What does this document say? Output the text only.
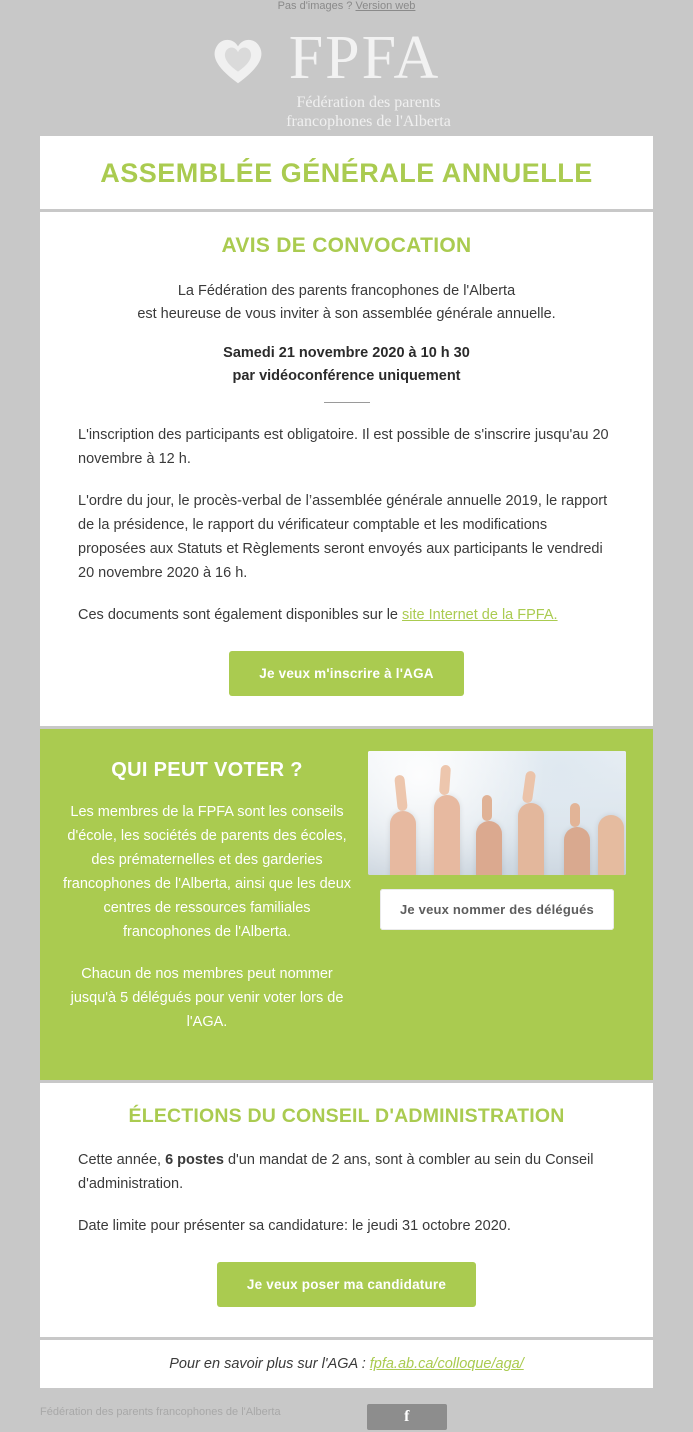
Pas d'images ? Version web
FPFA
Fédération des parents
francophones de l'Alberta
ASSEMBLÉE GÉNÉRALE ANNUELLE
AVIS DE CONVOCATION

La Fédération des parents francophones de l'Alberta
est heureuse de vous inviter à son assemblée générale annuelle.

Samedi 21 novembre 2020 à 10 h 30
par vidéoconférence uniquement

L'inscription des participants est obligatoire. Il est possible de s'inscrire jusqu'au 20 novembre à 12 h.

L'ordre du jour, le procès-verbal de l’assemblée générale annuelle 2019, le rapport de la présidence, le rapport du vérificateur comptable et les modifications proposées aux Statuts et Règlements seront envoyés aux participants le vendredi 20 novembre 2020 à 16 h.

Ces documents sont également disponibles sur le site Internet de la FPFA.

Je veux m'inscrire à l'AGA
QUI PEUT VOTER ?

Les membres de la FPFA sont les conseils d'école, les sociétés de parents des écoles, des prématernelles et des garderies francophones de l'Alberta, ainsi que les deux centres de ressources familiales francophones de l'Alberta.

Chacun de nos membres peut nommer jusqu'à 5 délégués pour venir voter lors de l'AGA.

Je veux nommer des délégués
ÉLECTIONS DU CONSEIL D'ADMINISTRATION

Cette année, 6 postes d'un mandat de 2 ans, sont à combler au sein du Conseil d'administration.

Date limite pour présenter sa candidature: le jeudi 31 octobre 2020.

Je veux poser ma candidature
Pour en savoir plus sur l'AGA : fpfa.ab.ca/colloque/aga/
Fédération des parents francophones de l'Alberta	f
